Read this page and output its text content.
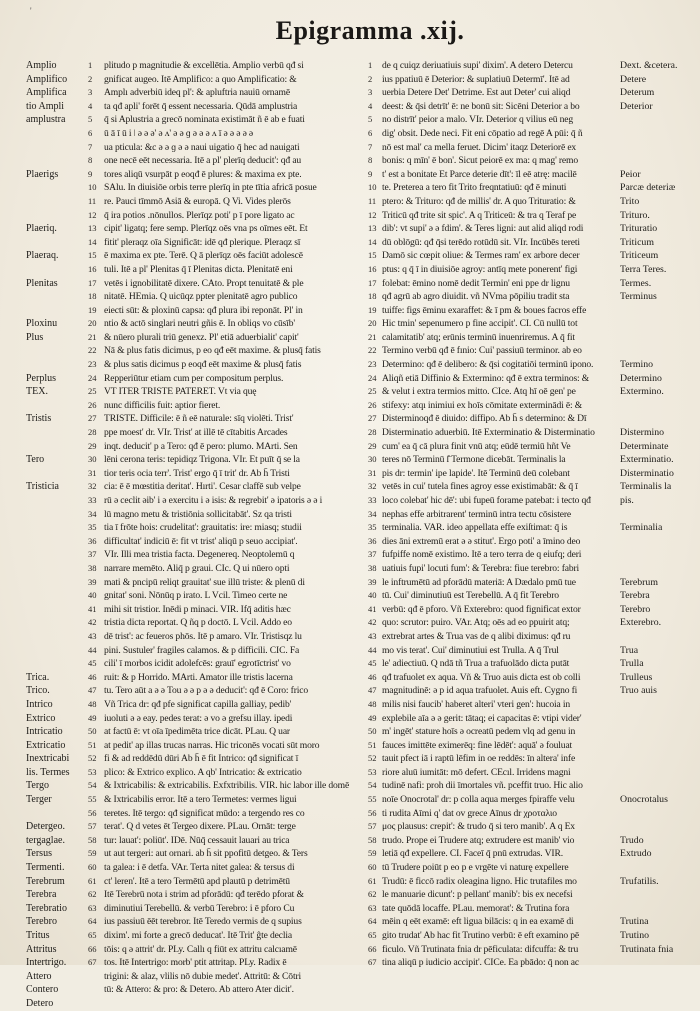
'
Epigramma .xij.
Amplio
Amplifico
Amplifica
tio Ampli
amplustra
Plaerigs
Plaeriq.
Plaeraq.
Plenitas
Ploxinu
Plus
Perplus
TEX.
Tristis
Tero
Tristicia
Trica.
Trico.
Intrico
Extrico
Intricatio
Extricatio
Inextricabi
lis. Termes
Tergo
Terger
Detergeo.
tergaglae.
Tersus
Termenti.
Terebrum
Terebra
Terebratio
Terebro
Tritus
Attritus
Intertrigo.
Attero
Contero
Detero
1
2
3
4
5
6
7
8
9
10
11
12
13
14
15
16
17
18
19
20
21
22
23
24
25
26
27
28
29
30
31
32
33
34
35
36
37
38
39
40
41
42
43
44
45
46
47
48
49
50
51
52
53
54
55
56
57
58
59
60
61
62
63
64
65
66
67
plitudo p magnitudie & excellētia. Amplio verbū qđ si
gnificat augeo. Itē Amplifico: a quo Amplificatio: &
Amplı adverbiū ideq pl': & apluftria nauiū ornamē
ta qđ apli' forēt q̄ essent necessaria. Qūdā amplustria
q̄ si Aplustria a grecō nominata existimāt ñ ē ab e fuati
ū ā ī ū i ǀ ǝ ǝ ǝ' ǝ ʌ' ǝ ǝ ɡ ǝ ǝ ǝ ʌ ī ǝ ǝ ǝ ǝ ǝ
ua pticula: &c ǝ ǝ ɡ ǝ ǝ naui uigatio q̄ hec ad nauigati
one necē eēt necessaria. Itē a pl' plerīq deducit': qđ au
tores aliqū vsurpāt p eoqđ ē plures: & maxima ex pte.
SAlu. In diuisiōe orbis terre plerīq in pte tītia africā posue
re. Pauci tīmmō Asiā & europā. Q Vi. Vides plerōs
q̄ ira potios .nōnullos. Plerīqz poti' p ī pore ligato ac
cipit' ligatq; fere semp. Plerīqz oēs vna ps oīmes eēt. Et
fitit' pleraqz oīa Significāt: idē qđ plerique. Pleraqz sī
ē maxima ex pte. Terē. Q ā plerīqz oēs faciūt adolescē
tuli. Itē a pl' Plenitas q̄ ī Plenitas dicta. Plenitatē eni
vetēs i ignobilitatē dixere. CAto. Propt tenuitatē & ple
nitatē. HEmia. Q uicūqz ppter plenitatē agro publico
eiecti sūt: & ploxinū capsa: qđ plura ibi reponāt. Pl' in
ntio & actō singlari neutri gñis ē. In obliqs vo cūsīb'
& nūero plurali triū genexz. Pl' etiā aduerbialit' capit'
Nā & plus fatis dicimus, p eo qđ eēt maxime. & plusq̄ fatis
& plus satis dicimus p eoqđ eēt maxime & plusq̄ fatis
Repperiūtur etiam cum per compositum perplus.
VT ITER TRISTE PATERET. Vt via quę
nunc difficilis fuit: aptior fieret.
TRISTE. Difficile: ē ñ eē naturale: sīq violēti. Trist'
ppe moest' dr. VIr. Trist' at illē tē cītabitis Arcades
inqt. deducit' p a Tero: qđ ē pero: plumo. MArti. Sen
lēni cerona teris: tepidiqz Trigona. VIr. Et puīt q̄ se la
tior teris ocia terr'. Trist' ergo q̄ ī trit' dr. Ab h̄ Tristi
cia: ē ē mœstitia deritat'. Hırti'. Cesar claffē sub velpe
rū ǝ ceclit ǝib' i ǝ exercitu i ǝ isis: & regrebit' ǝ ipatoris ǝ ǝ i
lū magno metu & tristiōnia sollicitabāt'. Sz qa tristi
tia ī frōte hois: crudelitat': grauitatis: ire: miasq; studii
difficultat' indiciū ē: fit vt trist' aliqū p seuo accipiat'.
VIr. Illi mea tristia facta. Degenereq. Neoptolemū q
narrare memēto. Aliq̄ p graui. CIc. Q ui nūero opti
mati & pncipū reliqt grauitat' sue illū triste: & plenū di
gnitat' soni. Nōnūq p irato. L Vcil. Timeo certe ne
mihi sit tristior. Inēdi p minaci. VIR. Ifq̄ aditis hæc
tristia dicta reportat. Q ñq p doctō. L Vcil. Addo eo
dē trist': ac feueros phōs. Itē p amaro. VIr. Tristisqz lu
pini. Sustuler' fragiles calamos. & p difficili. CIC. Fa
cili' ī morbos icidit adolefcēs: grauī' egrotīctrist' vo
ruit: & p Horrido. MArti. Amator ille tristis lacerna
tu. Tero aūt a ǝ ǝ Tou ǝ ǝ p ǝ ǝ deducit': qđ ē Coro: frico
Vñ Trica dr: qđ pfe significat capilla galliay, pedib'
iuoluti ǝ ǝ eay. pedes terat: ǝ vo ǝ grefsu illay. ipedi
at factū ē: vt oīa īpedimēta trice dicāt. PLau. Q uar
at pedit' ap illas trucas narras. Hic triconēs vocati sūt moro
fi & ad reddēdū dūri Ab h̄ ē fit Intrico: qđ significat ī
plico: & Extrico explico. A qb' Intricatio: & extricatio
& Ixtricabilis: & extricabilis. Exfxtribilis. VIR. hic labor ille domē
& Ixtricabilis error. Itē a tero Termetes: vermes ligui
teretes. Itē tergo: qđ significat mūdo: a tergendo res co
terat'. Q d vetes ēt Tergeo dixere. PLau. Ornāt: terge
tur: lauat': poliūt'. IDē. Nūq̄ cessauit lauari au trica
ut aut tergeri: aut ornari. ab h̄ sit ppofitū detgeo. & Ters
ta galea: i ē detfa. VAr. Terta nitet galea: & tersus di
ct' leren'. Itē a tero Termētū apd plautū p detrimētū
Itē Terebrū nota i strim ad pforādū: qđ terēdo pforat &
diminutiui Terebellū. & verbū Terebro: i ē pforo Cu
ius passiuū ēēt terebror. Itē Teredo vermis de q supius
dixim'. mi forte a grecō deducat'. Itē Trit' ĝte declia
tōis: q ǝ attrit' dr. PLy. Callı q fiūt ex attritu calcıamē
tos. Itē Intertrigo: morb' ptit attritap. PLy. Radix ē
trigini: & alaz, vlilis nō dubie medet'. Attritū: & Cōtri
tū: & Attero: & pro: & Detero. Ab attero Ater dicit'.
1
2
3
4
5
6
7
8
9
10
11
12
13
14
15
16
17
18
19
20
21
22
23
24
25
26
27
28
29
30
31
32
33
34
35
36
37
38
39
40
41
42
43
44
45
46
47
48
49
50
51
52
53
54
55
56
57
58
59
60
61
62
63
64
65
66
67
de q cuiqz deriuatiuis supi' dixim'. A detero Detercu
ius ppatiuū ē Deterior: & suplatiuū Determī'. Itē ad
uerbia Detere Det' Detrime. Est aut Deter' cui aliqd
deest: & q̄si detrīt' ē: ne bonū sit: Sicēni Deterior a bo
no distrīt' peior a malo. VIr. Deterior q vilius eū neg
dig' obsit. Dede neci. Fit eni cōpatio ad regē A pūi: q̄ ñ
nō est mal' ca mella feruet. Dicim' itaqz Deteriorē ex
bonis: q mīn' ē bon'. Sicut peiorē ex ma: q mag' remo
t' est a bonitate Et Parce deterie dīt': īl eē atrę: macilē
te. Preterea a tero fit Trito freqntatiuū: qđ ē minuti
ptero: & Trituro: qđ de millis' dr. A quo Trituratio: &
Triticū qđ trite sit spic'. A q Triticeū: & tra q Teraf pe
dib': vt supi' ǝ ǝ fdim'. & Teres ligni: aut alid aliqd rodi
dū oblōgū: qđ q̄si terēdo rotūdū sit. VIr. Incūbēs tereti
Damō sic cœpit oliue: & Termes ram' ex arbore decer
ptus: q q̄ ī in diuisiōe agroy: antīq mete ponerent' figi
folebat: ēmino nomē dedit Termin' eni ppe dr lignu
qđ agrū ab agro diuidit. vñ NVma pōpiliu tradit sta
tuiffe: figs ēminu exaraffet: & ī pm & boues facros effe
Hic tmin' sepenumero p fine accipit'. CI. Cū nullū tot
calamitatib' atq; erūnis terminū inuenriremus. A q̄ fit
Termino verbū qđ ē fınio: Cui' passiuū terminor. ab eo
Determino: qđ ē delibero: & q̄si cogitatiōi terminū ipono.
Aliqñ etiā Diffinio & Extermino: qđ ē extra terminos: &
& velut i extra termios mitto. CIce. Atq hī oē gen' pe
stifexy: atqı inimiui ex hoīs cōmitate exterminādi ē: &
Disterminoqđ ē diuido: diffipo. Ab h̄ s determino: & Dī
Disterminatio aduerbiū. Itē Exterminatio & Disterminatio
cum' ea q̄ cā plura finit vnū atq; eūdē termiū hñt Ve
teres nō Terminū ſ̄ Termone dicebāt. Terminalis la
pis dr: termin' ipe lapide'. Itē Terminū deū colebant
vetēs in cui' tutela fines agroy esse existimabāt: & q̄ ī
loco colebat' hic dē': ubi fupeū forame patebat: i tecto qđ
nephas effe arbitrarent' terminū intra tectu cōsistere
terminalia. VAR. ideo appellata effe exiſtimat: q̄ is
dies āni extremū erat ǝ ǝ stitut'. Ergo poti' a īmino deo
fufpiffe nomē existimo. Itē a tero terra de q eiufq; deri
uatiuis fupi' locuti fum': & Terebra: fiue terebro: fabri
le inftrumētū ad pforādū materiā: A Dædalo pmū tue
tū. Cui' diminutiuū est Terebellū. A q̄ fit Terebro
verbū: qđ ē pforo. Vñ Exterebro: quod fignificat extor
quo: scrutor: puiro. VAr. Atq; oēs ad eo ppuirit atq;
extrebrat artes & Trua vas de q alibi diximus: qđ ru
mo vis terat'. Cui' diminutiui est Trulla. A q̄ Trul
le' adiectiuū. Q ndā tñ Trua a trafuolādo dicta putāt
qđ trafuolet ex aqua. Vñ & Truo auis dicta est ob colli
magnitudinē: ǝ p id aqua trafuolet. Auis eft. Cygno fi
milis nisi faucib' haberet alteri' vteri gen': hucoia in
explebile aīa ǝ ǝ gerit: tātaq; ei capacitas ē: vtipi vider'
m' ingēt' stature hoīs ǝ ocreatū pedem vlq ad genu in
fauces imittēte eximerēq: fine lēdēt': aquā' ǝ fouluat
tauit pfect iā i raptū lēfim in oe reddēs: īn altera' infe
riore aluū iumitāt: mō defert. CEcıl. Irridens magni
tudinē nafi: proh dii īmortales vñ. pceffit truo. Hic alio
noīe Onocrotal' dr: p colla aqua merges fpiraffe velu
ti rudita Aīmi q' dat ov grece Aīnus dr χροταλιο
μος plausus: crepit': & trudo q̄ si tero manib'. A q Ex
trudo. Prope ei Trudere atq; extrudere est manib' vio
letiā qđ expellere. CI. Faceī q̄ pnū extrudas. VIR.
tū Trudere poiūt p eo p e vrgēte vi naturę expellere
Trudū: ē ficcō radix oleagina ligno. Hic trutafiles mo
le manuarie dicunt': p pellant' manib': bis ex necefsi
tate quōdā locaffe. PLau. memorat': & Trutina fora
mēin q eēt examē: eft ligua bilācis: q in ea examē di
gito trudat' Ab hac fit Trutino verbū: ē eft examino pē
ficulo. Vñ Trutinata fnia dr pēficulata: difcuffa: & tru
tina aliqū p iudicio accipit'. CICe. Ea pbādo: q̄ non ac
Dext. &cetera.
Detere
Deterum
Deterior
Peior
Parcæ deteriæ
Trito
Trituro.
Trituratio
Triticum
Triticeum
Terra Teres.
Termes.
Terminus
Termino
Determino
Extermino.
Distermino
Determinate
Exterminatio.
Disterminatio
Terminalis la
pis.
Terminalia
Terebrum
Terebra
Terebro
Exterebro.
Trua
Trulla
Trulleus
Truo auis
Onocrotalus
Trudo
Extrudo
Trufatilis.
Trutina
Trutino
Trutinata fnia
